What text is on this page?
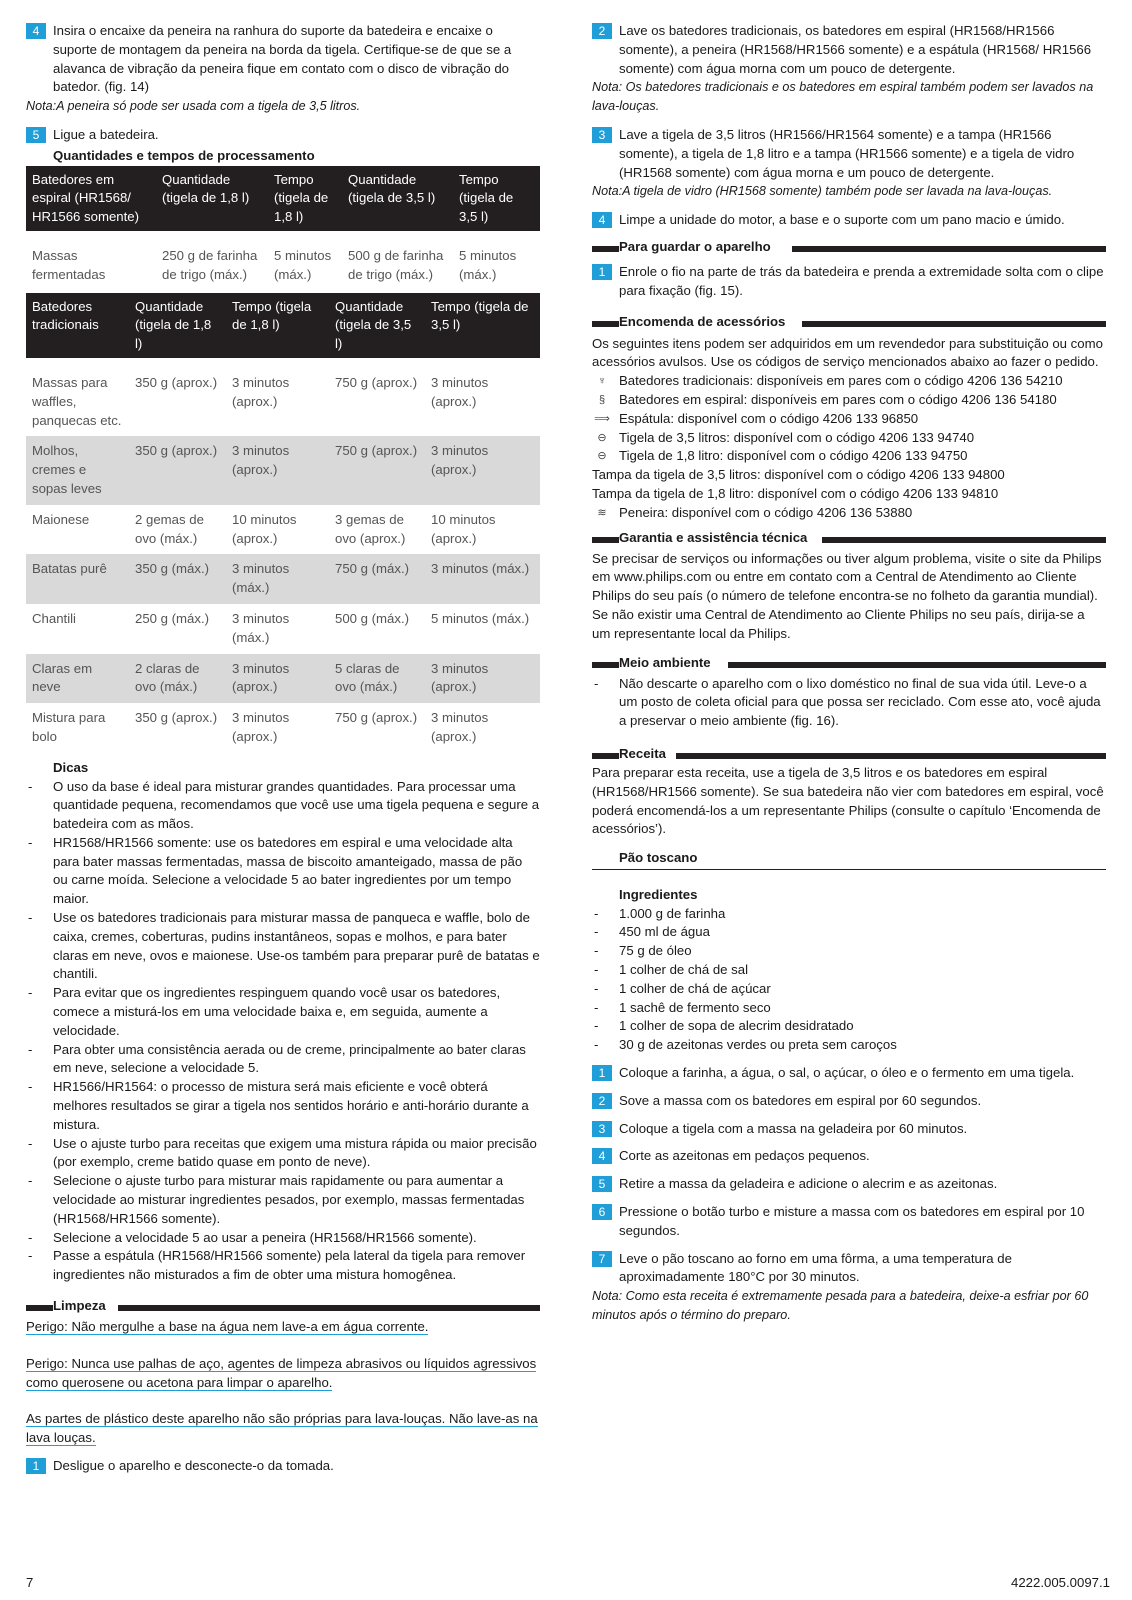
4	Insira o encaixe da peneira na ranhura do suporte da batedeira e encaixe o suporte de montagem da peneira na borda da tigela. Certifique-se de que se a alavanca de vibração da peneira fique em contato com o disco de vibração do batedor. (fig. 14)
Nota:A peneira só pode ser usada com a tigela de 3,5 litros.
5	Ligue a batedeira.
Quantidades e tempos de processamento
Batedores em espiral (HR1568/ HR1566 somente)	Quantidade (tigela de 1,8 l)	Tempo (tigela de 1,8 l)	Quantidade (tigela de 3,5 l)	Tempo (tigela de 3,5 l)

Massas fermentadas	250 g de farinha de trigo (máx.)	5 minutos (máx.)	500 g de farinha de trigo (máx.)	5 minutos (máx.)
Batedores tradicionais	Quantidade (tigela de 1,8 l)	Tempo (tigela de 1,8 l)	Quantidade (tigela de 3,5 l)	Tempo (tigela de 3,5 l)

Massas para waffles, panquecas etc.	350 g (aprox.)	3 minutos (aprox.)	750 g (aprox.)	3 minutos (aprox.)
Molhos, cremes e sopas leves	350 g (aprox.)	3 minutos (aprox.)	750 g (aprox.)	3 minutos (aprox.)
Maionese	2 gemas de ovo (máx.)	10 minutos (aprox.)	3 gemas de ovo (aprox.)	10 minutos (aprox.)
Batatas purê	350 g (máx.)	3 minutos (máx.)	750 g (máx.)	3 minutos (máx.)
Chantili	250 g (máx.)	3 minutos (máx.)	500 g (máx.)	5 minutos (máx.)
Claras em neve	2 claras de ovo (máx.)	3 minutos (aprox.)	5 claras de ovo (máx.)	3 minutos (aprox.)
Mistura para bolo	350 g (aprox.)	3 minutos (aprox.)	750 g (aprox.)	3 minutos (aprox.)
Dicas
- O uso da base é ideal para misturar grandes quantidades. Para processar uma quantidade pequena, recomendamos que você use uma tigela pequena e segure a batedeira com as mãos.
- HR1568/HR1566 somente: use os batedores em espiral e uma velocidade alta para bater massas fermentadas, massa de biscoito amanteigado, massa de pão ou carne moída. Selecione a velocidade 5 ao bater ingredientes por um tempo maior.
- Use os batedores tradicionais para misturar massa de panqueca e waffle, bolo de caixa, cremes, coberturas, pudins instantâneos, sopas e molhos, e para bater claras em neve, ovos e maionese. Use-os também para preparar purê de batatas e chantili.
- Para evitar que os ingredientes respinguem quando você usar os batedores, comece a misturá-los em uma velocidade baixa e, em seguida, aumente a velocidade.
- Para obter uma consistência aerada ou de creme, principalmente ao bater claras em neve, selecione a velocidade 5.
- HR1566/HR1564: o processo de mistura será mais eficiente e você obterá melhores resultados se girar a tigela nos sentidos horário e anti-horário durante a mistura.
- Use o ajuste turbo para receitas que exigem uma mistura rápida ou maior precisão (por exemplo, creme batido quase em ponto de neve).
- Selecione o ajuste turbo para misturar mais rapidamente ou para aumentar a velocidade ao misturar ingredientes pesados, por exemplo, massas fermentadas (HR1568/HR1566 somente).
- Selecione a velocidade 5 ao usar a peneira (HR1568/HR1566 somente).
- Passe a espátula (HR1568/HR1566 somente) pela lateral da tigela para remover ingredientes não misturados a fim de obter uma mistura homogênea.
Limpeza
Perigo: Não mergulhe a base na água nem lave-a em água corrente.
Perigo: Nunca use palhas de aço, agentes de limpeza abrasivos ou líquidos agressivos como querosene ou acetona para limpar o aparelho.
As partes de plástico deste aparelho não são próprias para lava-louças. Não lave-as na lava louças.
1	Desligue o aparelho e desconecte-o da tomada.
2	Lave os batedores tradicionais, os batedores em espiral (HR1568/HR1566 somente), a peneira (HR1568/HR1566 somente) e a espátula (HR1568/ HR1566 somente) com água morna com um pouco de detergente.
Nota: Os batedores tradicionais e os batedores em espiral também podem ser lavados na lava-louças.
3	Lave a tigela de 3,5 litros (HR1566/HR1564 somente) e a tampa (HR1566 somente), a tigela de 1,8 litro e a tampa (HR1566 somente) e a tigela de vidro (HR1568 somente) com água morna e um pouco de detergente.
Nota:A tigela de vidro (HR1568 somente) também pode ser lavada na lava-louças.
4	Limpe a unidade do motor, a base e o suporte com um pano macio e úmido.
Para guardar o aparelho
1	Enrole o fio na parte de trás da batedeira e prenda a extremidade solta com o clipe para fixação (fig. 15).
Encomenda de acessórios
Os seguintes itens podem ser adquiridos em um revendedor para substituição ou como acessórios avulsos. Use os códigos de serviço mencionados abaixo ao fazer o pedido.
♆ Batedores tradicionais: disponíveis em pares com o código 4206 136 54210
§	Batedores em espiral: disponíveis em pares com o código 4206 136 54180
⟹ Espátula: disponível com o código 4206 133 96850
⊖ Tigela de 3,5 litros: disponível com o código 4206 133 94740
⊖ Tigela de 1,8 litro: disponível com o código 4206 133 94750
Tampa da tigela de 3,5 litros: disponível com o código 4206 133 94800
Tampa da tigela de 1,8 litro: disponível com o código 4206 133 94810
≋ Peneira: disponível com o código 4206 136 53880
Garantia e assistência técnica
Se precisar de serviços ou informações ou tiver algum problema, visite o site da Philips em www.philips.com ou entre em contato com a Central de Atendimento ao Cliente Philips do seu país (o número de telefone encontra-se no folheto da garantia mundial). Se não existir uma Central de Atendimento ao Cliente Philips no seu país, dirija-se a um representante local da Philips.
Meio ambiente
- Não descarte o aparelho com o lixo doméstico no final de sua vida útil. Leve-o a um posto de coleta oficial para que possa ser reciclado. Com esse ato, você ajuda a preservar o meio ambiente (fig. 16).
Receita
Para preparar esta receita, use a tigela de 3,5 litros e os batedores em espiral (HR1568/HR1566 somente). Se sua batedeira não vier com batedores em espiral, você poderá encomendá-los a um representante Philips (consulte o capítulo ‘Encomenda de acessórios’).
Pão toscano
Ingredientes
- 1.000 g de farinha
- 450 ml de água
- 75 g de óleo
- 1 colher de chá de sal
- 1 colher de chá de açúcar
- 1 sachê de fermento seco
- 1 colher de sopa de alecrim desidratado
- 30 g de azeitonas verdes ou preta sem caroços
1	Coloque a farinha, a água, o sal, o açúcar, o óleo e o fermento em uma tigela.
2	Sove a massa com os batedores em espiral por 60 segundos.
3	Coloque a tigela com a massa na geladeira por 60 minutos.
4	Corte as azeitonas em pedaços pequenos.
5	Retire a massa da geladeira e adicione o alecrim e as azeitonas.
6	Pressione o botão turbo e misture a massa com os batedores em espiral por 10 segundos.
7	Leve o pão toscano ao forno em uma fôrma, a uma temperatura de aproximadamente 180°C por 30 minutos.
Nota: Como esta receita é extremamente pesada para a batedeira, deixe-a esfriar por 60 minutos após o término do preparo.
7	4222.005.0097.1
